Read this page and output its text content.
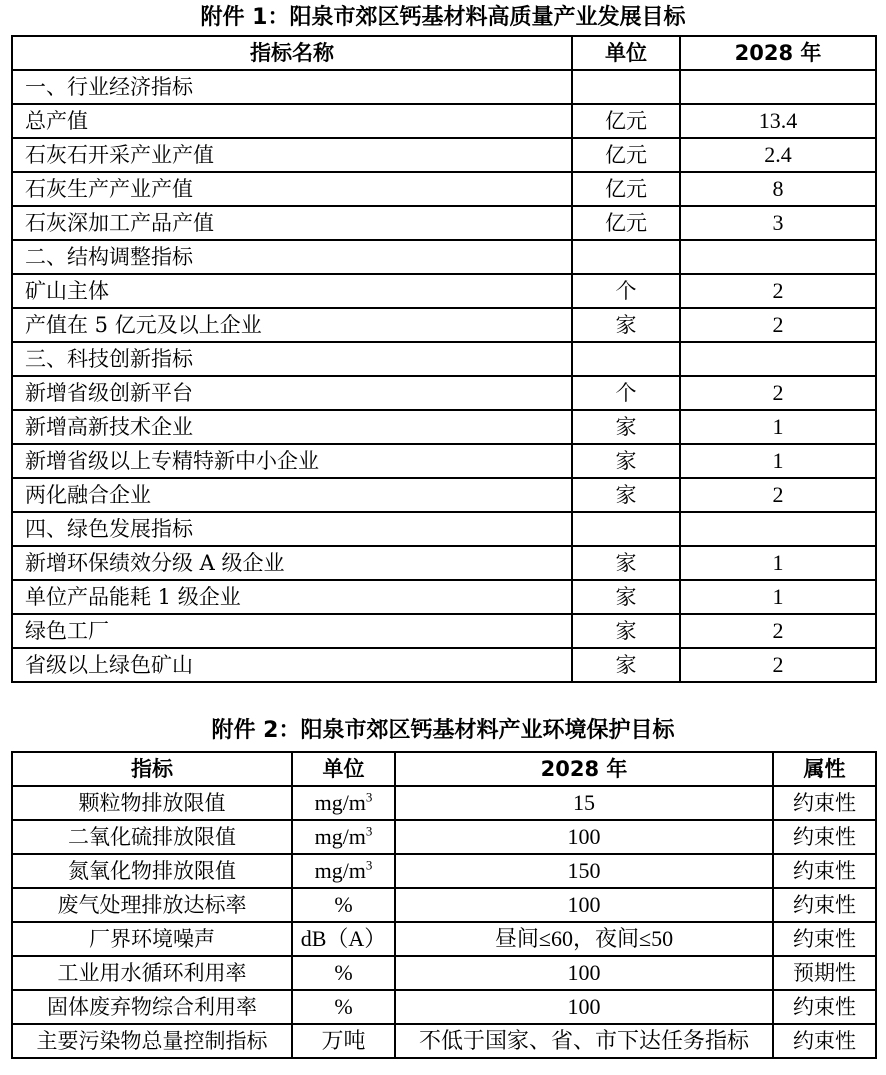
附件 1：阳泉市郊区钙基材料高质量产业发展目标
指标名称	单位	2028 年
一、行业经济指标		
总产值	亿元	13.4
石灰石开采产业产值	亿元	2.4
石灰生产产业产值	亿元	8
石灰深加工产品产值	亿元	3
二、结构调整指标		
矿山主体	个	2
产值在 5 亿元及以上企业	家	2
三、科技创新指标		
新增省级创新平台	个	2
新增高新技术企业	家	1
新增省级以上专精特新中小企业	家	1
两化融合企业	家	2
四、绿色发展指标		
新增环保绩效分级 A 级企业	家	1
单位产品能耗 1 级企业	家	1
绿色工厂	家	2
省级以上绿色矿山	家	2
附件 2：阳泉市郊区钙基材料产业环境保护目标
指标	单位	2028 年	属性
颗粒物排放限值	$mg/m^3$	15	约束性
二氧化硫排放限值	$mg/m^3$	100	约束性
氮氧化物排放限值	$mg/m^3$	150	约束性
废气处理排放达标率	%	100	约束性
厂界环境噪声	dB（A）	昼间≤60，夜间≤50	约束性
工业用水循环利用率	%	100	预期性
固体废弃物综合利用率	%	100	约束性
主要污染物总量控制指标	万吨	不低于国家、省、市下达任务指标	约束性
